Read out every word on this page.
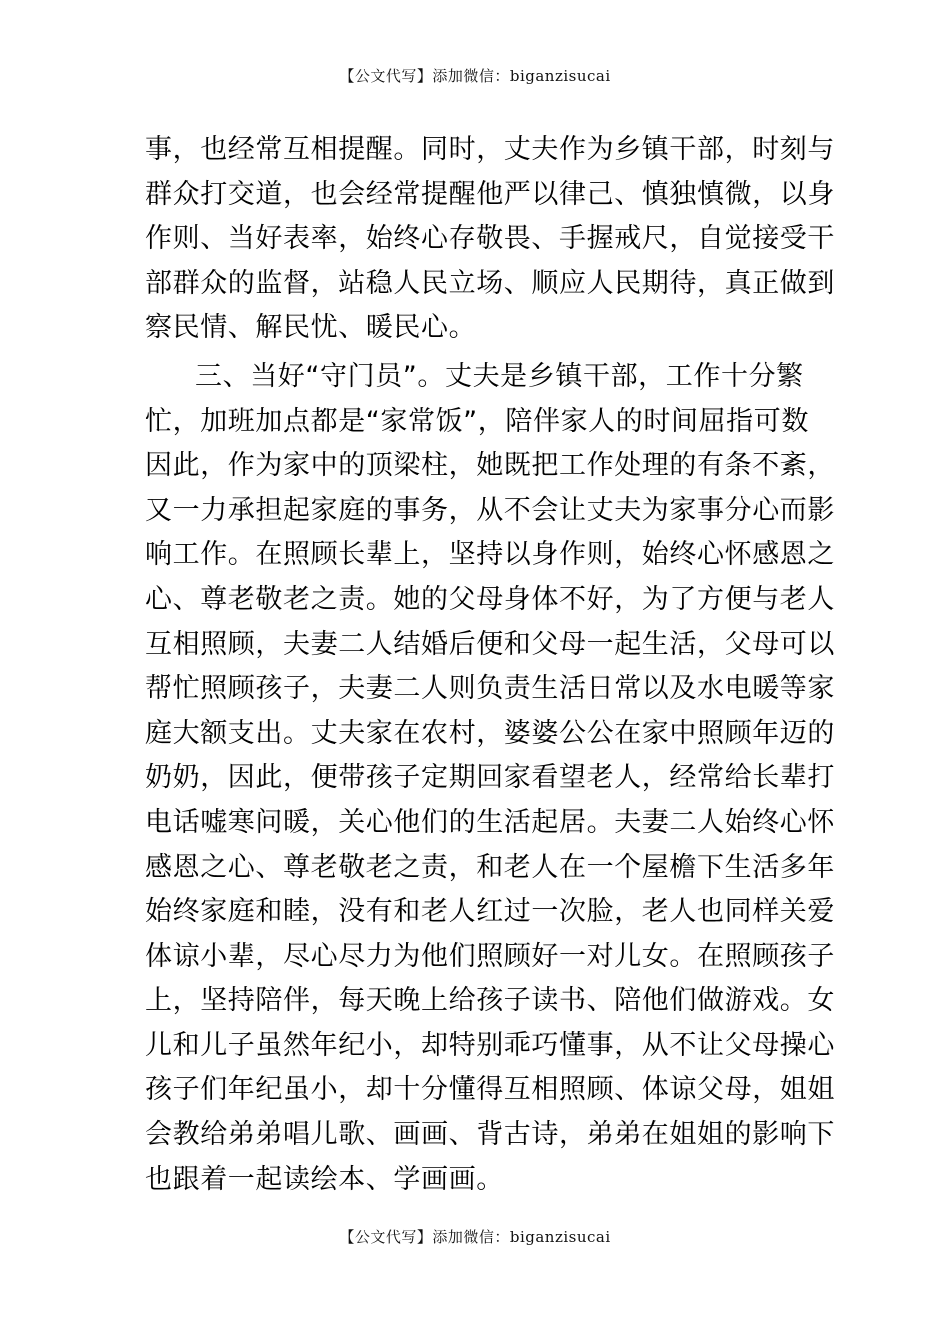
【公文代写】添加微信：biganzisucai
事，也经常互相提醒。同时，丈夫作为乡镇干部，时刻与
群众打交道，也会经常提醒他严以律己、慎独慎微，以身
作则、当好表率，始终心存敬畏、手握戒尺，自觉接受干
部群众的监督，站稳人民立场、顺应人民期待，真正做到
察民情、解民忧、暖民心。
三、当好“守门员”。丈夫是乡镇干部，工作十分繁
忙，加班加点都是“家常饭”，陪伴家人的时间屈指可数
因此，作为家中的顶梁柱，她既把工作处理的有条不紊，
又一力承担起家庭的事务，从不会让丈夫为家事分心而影
响工作。在照顾长辈上，坚持以身作则，始终心怀感恩之
心、尊老敬老之责。她的父母身体不好，为了方便与老人
互相照顾，夫妻二人结婚后便和父母一起生活，父母可以
帮忙照顾孩子，夫妻二人则负责生活日常以及水电暖等家
庭大额支出。丈夫家在农村，婆婆公公在家中照顾年迈的
奶奶，因此，便带孩子定期回家看望老人，经常给长辈打
电话嘘寒问暖，关心他们的生活起居。夫妻二人始终心怀
感恩之心、尊老敬老之责，和老人在一个屋檐下生活多年
始终家庭和睦，没有和老人红过一次脸，老人也同样关爱
体谅小辈，尽心尽力为他们照顾好一对儿女。在照顾孩子
上，坚持陪伴，每天晚上给孩子读书、陪他们做游戏。女
儿和儿子虽然年纪小，却特别乖巧懂事，从不让父母操心
孩子们年纪虽小，却十分懂得互相照顾、体谅父母，姐姐
会教给弟弟唱儿歌、画画、背古诗，弟弟在姐姐的影响下
也跟着一起读绘本、学画画。
【公文代写】添加微信：biganzisucai
